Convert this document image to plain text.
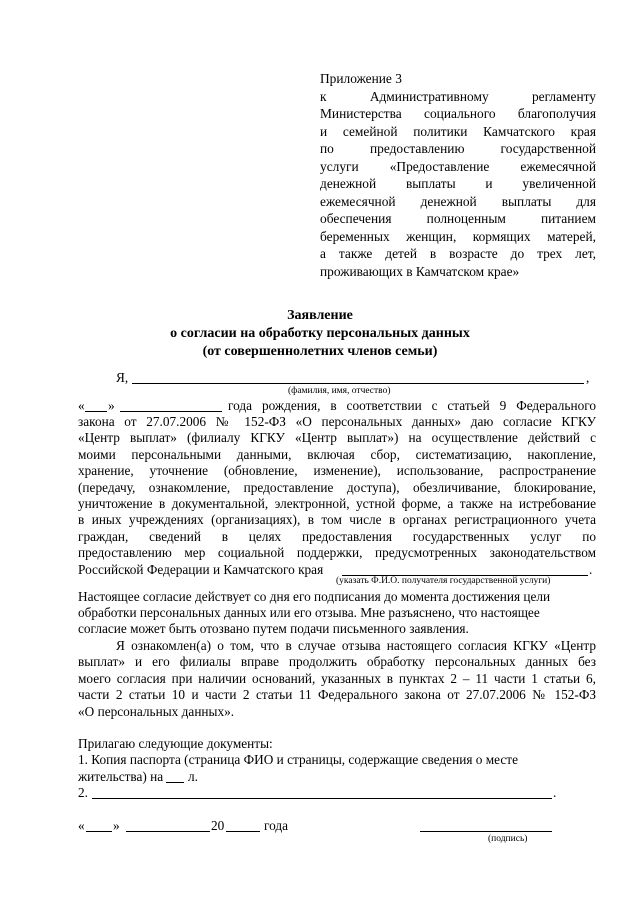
Приложение 3
к Административному регламенту
Министерства социального благополучия
и семейной политики Камчатского края
по предоставлению государственной
услуги «Предоставление ежемесячной
денежной выплаты и увеличенной
ежемесячной денежной выплаты для
обеспечения полноценным питанием
беременных женщин, кормящих матерей,
а также детей в возрасте до трех лет,
проживающих в Камчатском крае»
Заявление
о согласии на обработку персональных данных
(от совершеннолетних членов семьи)
Я,	,
(фамилия, имя, отчество)
« »	года рождения, в соответствии с статьей 9 Федерального
закона от 27.07.2006 № 152-ФЗ «О персональных данных» даю согласие КГКУ
«Центр выплат» (филиалу КГКУ «Центр выплат») на осуществление действий с
моими персональными данными, включая сбор, систематизацию, накопление,
хранение, уточнение (обновление, изменение), использование, распространение
(передачу, ознакомление, предоставление доступа), обезличивание, блокирование,
уничтожение в документальной, электронной, устной форме, а также на истребование
в иных учреждениях (организациях), в том числе в органах регистрационного учета
граждан, сведений в целях предоставления государственных услуг по
предоставлению мер социальной поддержки, предусмотренных законодательством
Российской Федерации и Камчатского края	.
(указать Ф.И.О. получателя государственной услуги)
Настоящее согласие действует со дня его подписания до момента достижения цели
обработки персональных данных или его отзыва. Мне разъяснено, что настоящее
согласие может быть отозвано путем подачи письменного заявления.
Я ознакомлен(а) о том, что в случае отзыва настоящего согласия КГКУ «Центр
выплат» и его филиалы вправе продолжить обработку персональных данных без
моего согласия при наличии оснований, указанных в пунктах 2 – 11 части 1 статьи 6,
части 2 статьи 10 и части 2 статьи 11 Федерального закона от 27.07.2006 № 152-ФЗ
«О персональных данных».
Прилагаю следующие документы:
1. Копия паспорта (страница ФИО и страницы, содержащие сведения о месте
жительства) на л.
2.	.
« »	20	года
(подпись)
